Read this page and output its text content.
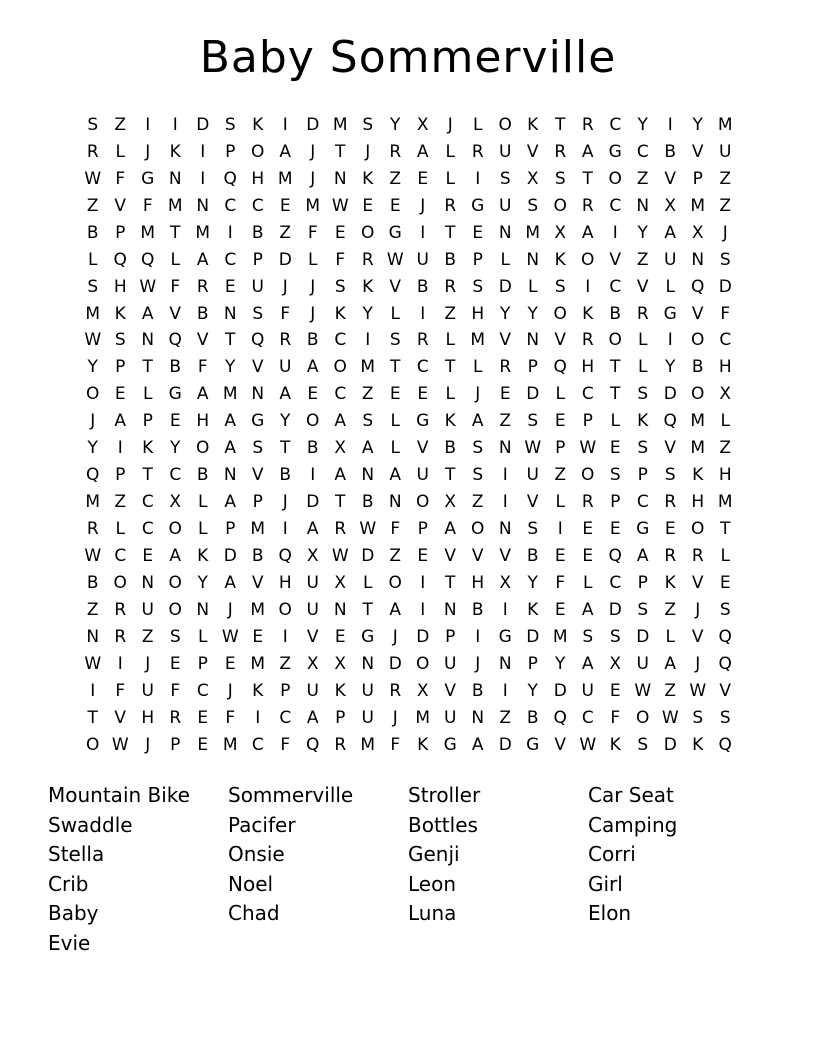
Baby Sommerville
S Z	I	I	D S K	I	D M S Y X	J	L O K T R C Y	I	Y M
R L	J	K	I	P O A	J	T	J	R A L R U V R A G C B V U
W F G N	I	Q H M	J	N K Z E	L	I	S X S T O Z V P Z
Z V F M N C C E M W E E	J	R G U S O R C N X M Z
B P M T M	I	B Z F	E O G	I	T E N M X A	I	Y A X	J
L Q Q L A C P D L	F R W U B P	L N K O V Z U N S
S H W F R E U	J	J	S K V B R S D L	S	I	C V L Q D
M K A V B N S	F	J	K Y	L	I	Z H Y	Y O K B R G V F
W S N Q V T Q R B C	I	S R L M V N V R O L	I	O C
Y	P	T B F	Y V U A O M T C T	L R P Q H T	L	Y B H
O E	L G A M N A E C Z E E	L	J	E D L C T S D O X
J	A P	E H A G Y O A S	L G K A Z S E P	L	K Q M L
Y	I	K Y O A S T B X A L V B S N W P W E S V M Z
Q P	T C B N V B	I	A N A U T S	I	U Z O S P S K H
M Z C X L A P	J	D T B N O X Z	I	V L R P C R H M
R L C O L	P M	I	A R W F	P A O N S	I	E E G E O T
W C E A K D B Q X W D Z E V V V B E E Q A R R L
B O N O Y A V H U X L O	I	T H X Y	F	L C P K V E
Z R U O N	J	M O U N T A	I	N B	I	K E A D S Z	J	S
N R Z S	L W E	I	V E G	J	D P	I	G D M S S D L V Q
W I	J	E P	E M Z X X N D O U	J	N P	Y A X U A	J	Q
I	F U F C	J	K P U K U R X V B	I	Y D U E W Z W V
T V H R E	F	I	C A P U	J	M U N Z B Q C F O W S S
O W J	P	E M C F Q R M F	K G A D G V W K S D K Q
Mountain Bike
Swaddle
Stella
Crib
Baby
Evie
Sommerville
Pacifer
Onsie
Noel
Chad
Stroller
Bottles
Genji
Leon
Luna
Car Seat
Camping
Corri
Girl
Elon
